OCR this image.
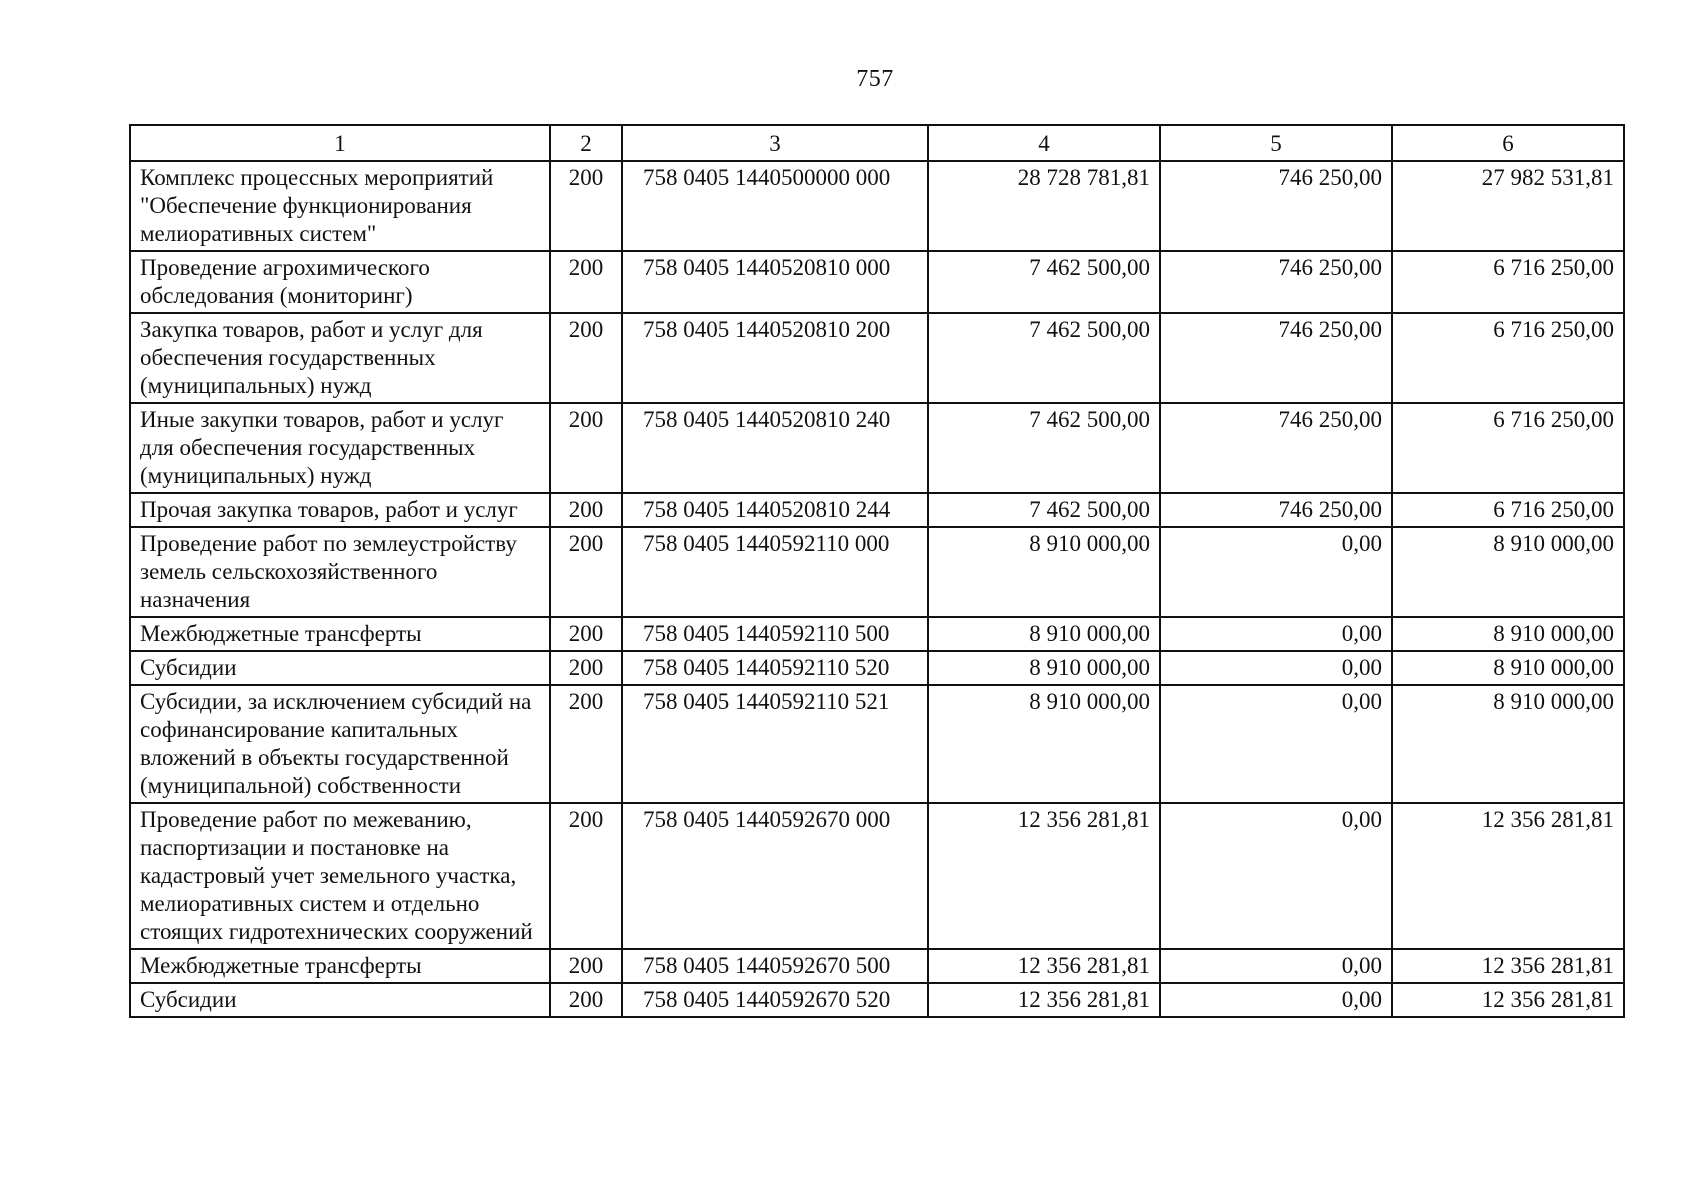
757
1	2	3	4	5	6
Комплекс процессных мероприятий "Обеспечение функционирования мелиоративных систем"	200	758 0405 1440500000 000	28 728 781,81	746 250,00	27 982 531,81
Проведение агрохимического обследования (мониторинг)	200	758 0405 1440520810 000	7 462 500,00	746 250,00	6 716 250,00
Закупка товаров, работ и услуг для обеспечения государственных (муниципальных) нужд	200	758 0405 1440520810 200	7 462 500,00	746 250,00	6 716 250,00
Иные закупки товаров, работ и услуг для обеспечения государственных (муниципальных) нужд	200	758 0405 1440520810 240	7 462 500,00	746 250,00	6 716 250,00
Прочая закупка товаров, работ и услуг	200	758 0405 1440520810 244	7 462 500,00	746 250,00	6 716 250,00
Проведение работ по землеустройству земель сельскохозяйственного назначения	200	758 0405 1440592110 000	8 910 000,00	0,00	8 910 000,00
Межбюджетные трансферты	200	758 0405 1440592110 500	8 910 000,00	0,00	8 910 000,00
Субсидии	200	758 0405 1440592110 520	8 910 000,00	0,00	8 910 000,00
Субсидии, за исключением субсидий на софинансирование капитальных вложений в объекты государственной (муниципальной) собственности	200	758 0405 1440592110 521	8 910 000,00	0,00	8 910 000,00
Проведение работ по межеванию, паспортизации и постановке на кадастровый учет земельного участка, мелиоративных систем и отдельно стоящих гидротехнических сооружений	200	758 0405 1440592670 000	12 356 281,81	0,00	12 356 281,81
Межбюджетные трансферты	200	758 0405 1440592670 500	12 356 281,81	0,00	12 356 281,81
Субсидии	200	758 0405 1440592670 520	12 356 281,81	0,00	12 356 281,81
